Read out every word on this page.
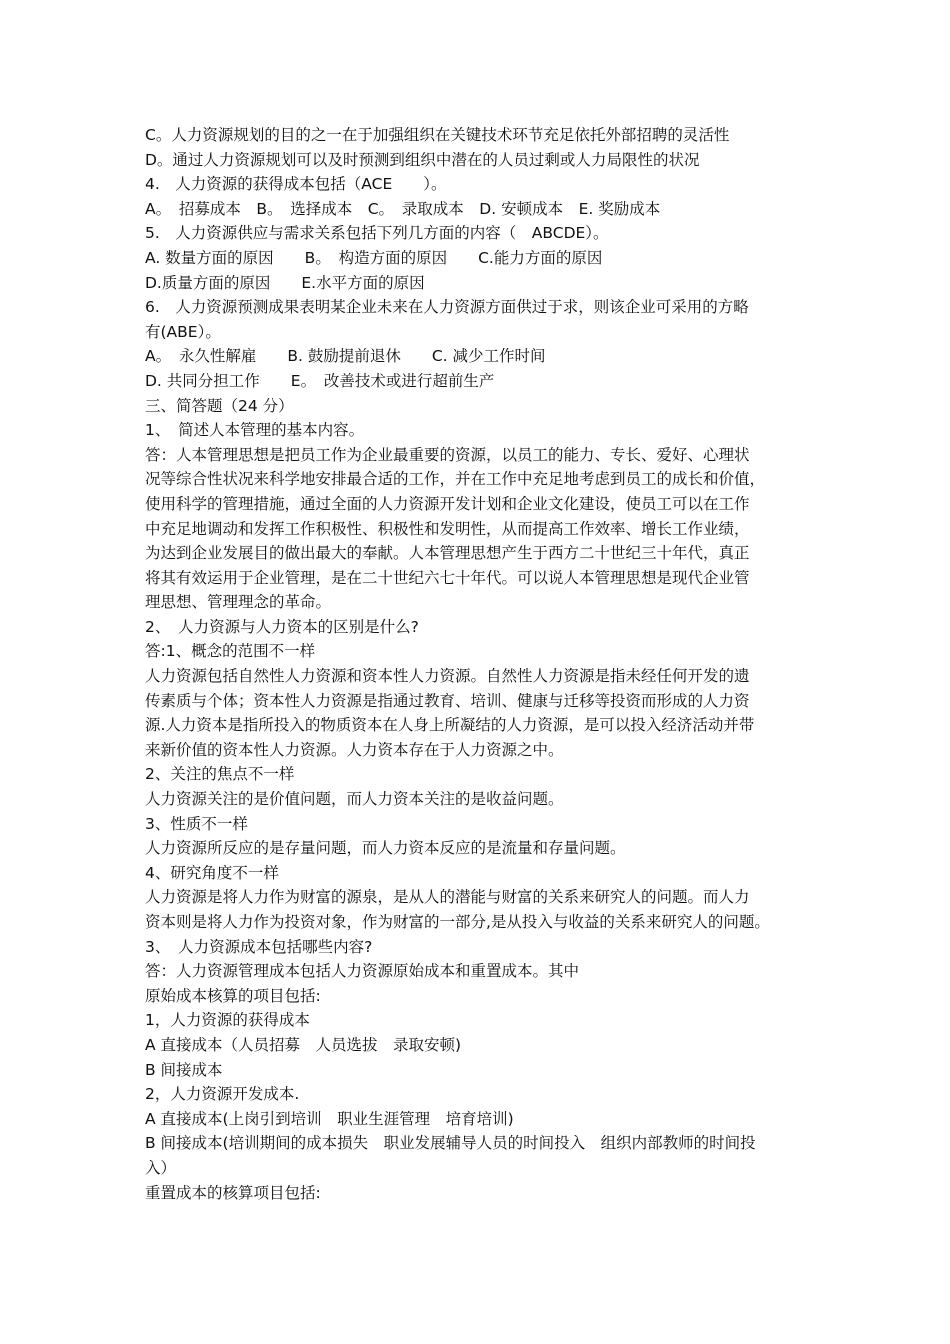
C。人力资源规划的目的之一在于加强组织在关键技术环节充足依托外部招聘的灵活性
D。通过人力资源规划可以及时预测到组织中潜在的人员过剩或人力局限性的状况
4.　人力资源的获得成本包括（ACE　　）。
A。　招募成本　B。　选择成本　C。　录取成本　D. 安顿成本　E. 奖励成本
5.　人力资源供应与需求关系包括下列几方面的内容（　ABCDE）。
A. 数量方面的原因　　B。　构造方面的原因　　C.能力方面的原因
D.质量方面的原因　　E.水平方面的原因
6.　人力资源预测成果表明某企业未来在人力资源方面供过于求，则该企业可采用的方略
有(ABE）。
A。　永久性解雇　　B. 鼓励提前退休　　C. 减少工作时间
D. 共同分担工作　　E。　改善技术或进行超前生产
三、简答题（24 分）
1、　简述人本管理的基本内容。
答：人本管理思想是把员工作为企业最重要的资源，以员工的能力、专长、爱好、心理状
况等综合性状况来科学地安排最合适的工作，并在工作中充足地考虑到员工的成长和价值，
使用科学的管理措施，通过全面的人力资源开发计划和企业文化建设，使员工可以在工作
中充足地调动和发挥工作积极性、积极性和发明性，从而提高工作效率、增长工作业绩，
为达到企业发展目的做出最大的奉献。人本管理思想产生于西方二十世纪三十年代，真正
将其有效运用于企业管理，是在二十世纪六七十年代。可以说人本管理思想是现代企业管
理思想、管理理念的革命。
2、　人力资源与人力资本的区别是什么?
答:1、概念的范围不一样
人力资源包括自然性人力资源和资本性人力资源。自然性人力资源是指未经任何开发的遗
传素质与个体；资本性人力资源是指通过教育、培训、健康与迁移等投资而形成的人力资
源.人力资本是指所投入的物质资本在人身上所凝结的人力资源，是可以投入经济活动并带
来新价值的资本性人力资源。人力资本存在于人力资源之中。
2、关注的焦点不一样
人力资源关注的是价值问题，而人力资本关注的是收益问题。
3、性质不一样
人力资源所反应的是存量问题，而人力资本反应的是流量和存量问题。
4、研究角度不一样
人力资源是将人力作为财富的源泉，是从人的潜能与财富的关系来研究人的问题。而人力
资本则是将人力作为投资对象，作为财富的一部分,是从投入与收益的关系来研究人的问题。
3、　人力资源成本包括哪些内容?
答：人力资源管理成本包括人力资源原始成本和重置成本。其中
原始成本核算的项目包括:
1，人力资源的获得成本
A 直接成本（人员招募　人员选拔　录取安顿)
B 间接成本
2，人力资源开发成本.
A 直接成本(上岗引到培训　职业生涯管理　培育培训)
B 间接成本(培训期间的成本损失　职业发展辅导人员的时间投入　组织内部教师的时间投
入）
重置成本的核算项目包括:
